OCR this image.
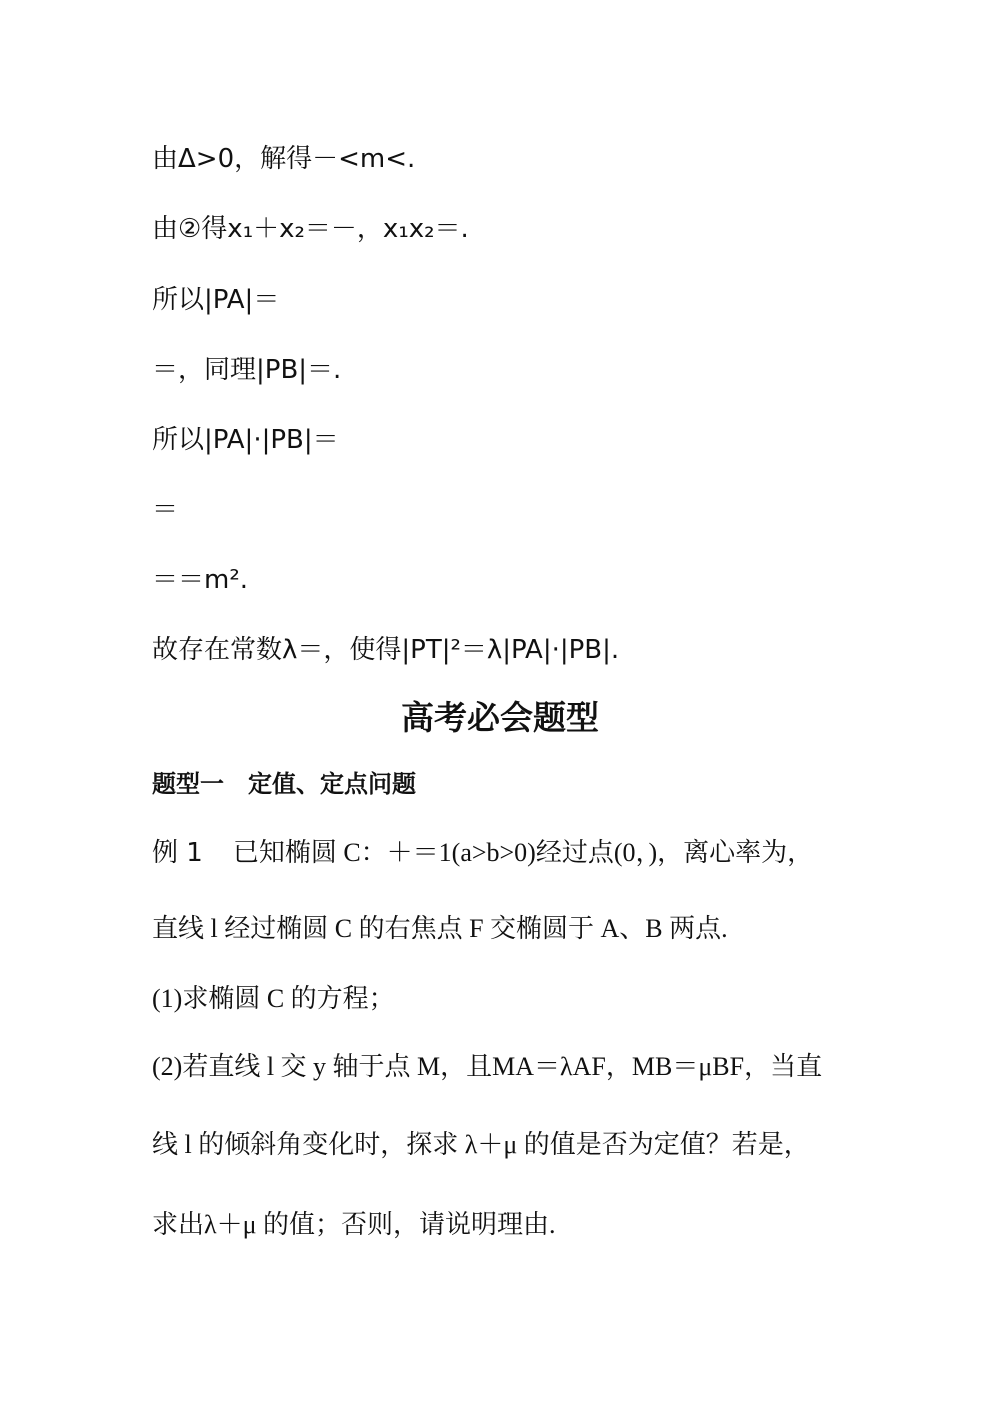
由Δ>0，解得－<m<.
由②得x₁＋x₂＝－，x₁x₂＝.
所以|PA|＝
＝，同理|PB|＝.
所以|PA|·|PB|＝
＝
＝＝m².
故存在常数λ＝，使得|PT|²＝λ|PA|·|PB|.
高考必会题型
题型一　定值、定点问题
例 1 已知椭圆 C：＋＝1(a>b>0)经过点(0，)，离心率为，
直线 l 经过椭圆 C 的右焦点 F 交椭圆于 A、B 两点.
(1)求椭圆 C 的方程；
(2)若直线 l 交 y 轴于点 M，且MA＝λAF，MB＝μBF，当直
线 l 的倾斜角变化时，探求 λ＋μ 的值是否为定值？若是，
求出λ＋μ 的值；否则，请说明理由.
